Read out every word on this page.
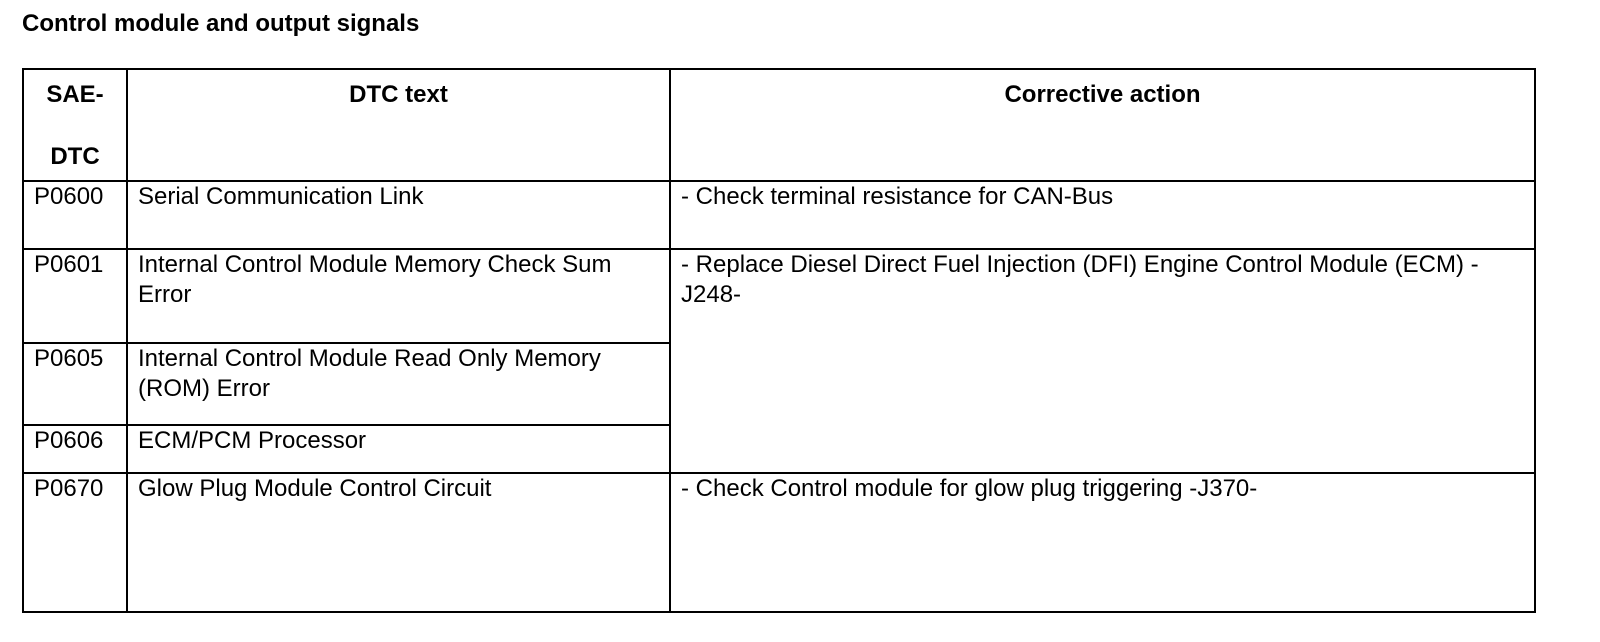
Control module and output signals
SAE-
DTC	DTC text	Corrective action
P0600	Serial Communication Link	- Check terminal resistance for CAN-Bus
P0601	Internal Control Module Memory Check Sum Error	- Replace Diesel Direct Fuel Injection (DFI) Engine Control Module (ECM) -J248-
P0605	Internal Control Module Read Only Memory (ROM) Error	
P0606	ECM/PCM Processor	
P0670	Glow Plug Module Control Circuit	- Check Control module for glow plug triggering -J370-
